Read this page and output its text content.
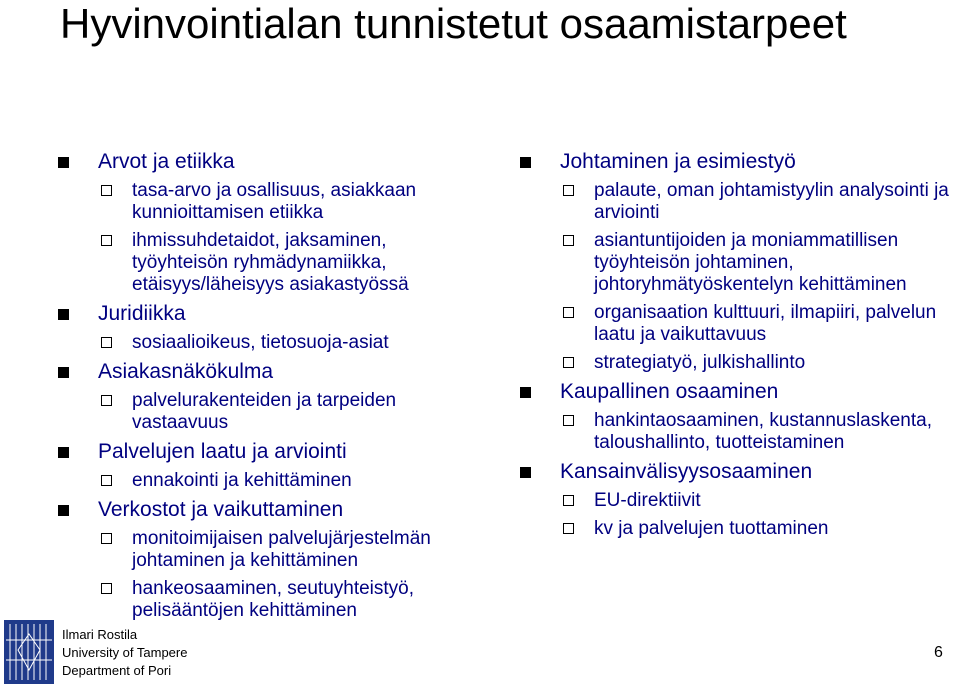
Hyvinvointialan tunnistetut osaamistarpeet
Arvot ja etiikka
tasa-arvo ja osallisuus, asiakkaan kunnioittamisen etiikka
ihmissuhdetaidot, jaksaminen, työyhteisön ryhmädynamiikka, etäisyys/läheisyys asiakastyössä
Juridiikka
sosiaalioikeus, tietosuoja-asiat
Asiakasnäkökulma
palvelurakenteiden ja tarpeiden vastaavuus
Palvelujen laatu ja arviointi
ennakointi ja kehittäminen
Verkostot ja vaikuttaminen
monitoimijaisen palvelujärjestelmän johtaminen ja kehittäminen
hankeosaaminen, seutuyhteistyö, pelisääntöjen kehittäminen
Johtaminen ja esimiestyö
palaute, oman johtamistyylin analysointi ja arviointi
asiantuntijoiden ja moniammatillisen työyhteisön johtaminen, johtoryhmätyöskentelyn kehittäminen
organisaation kulttuuri, ilmapiiri, palvelun laatu ja vaikuttavuus
strategiatyö, julkishallinto
Kaupallinen osaaminen
hankintaosaaminen, kustannuslaskenta, taloushallinto, tuotteistaminen
Kansainvälisyysosaaminen
EU-direktiivit
kv ja palvelujen tuottaminen
Ilmari Rostila
University of Tampere
Department of Pori
6
